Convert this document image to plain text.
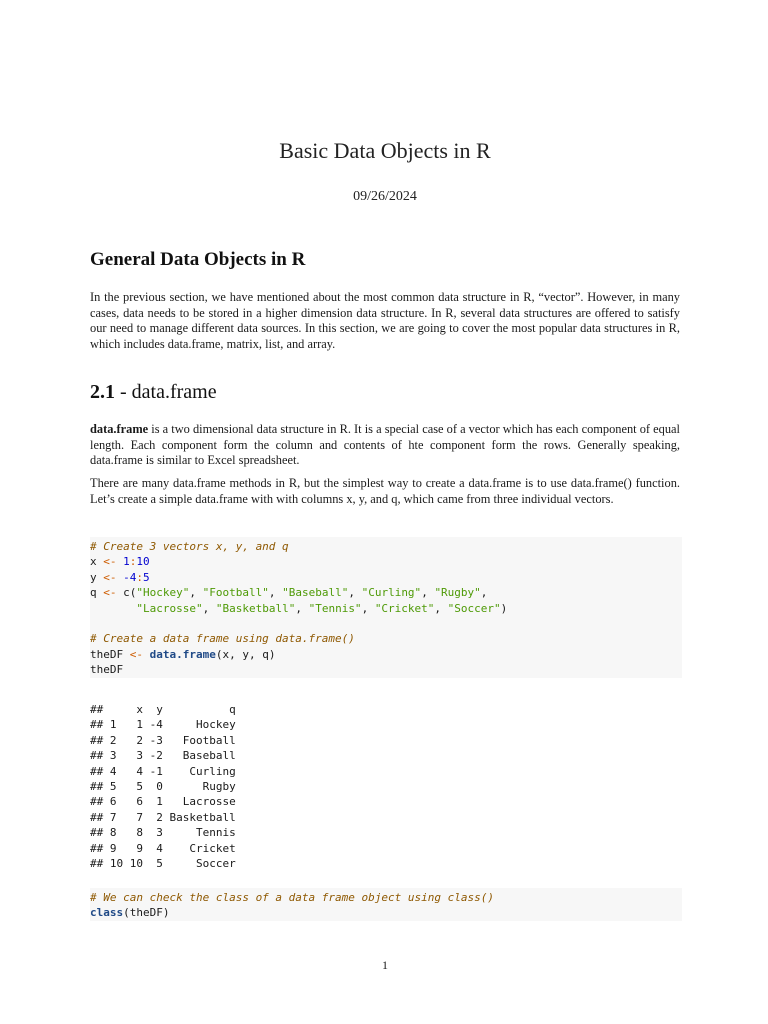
Basic Data Objects in R
09/26/2024
General Data Objects in R

In the previous section, we have mentioned about the most common data structure in R, “vector”. However, in many cases, data needs to be stored in a higher dimension data structure. In R, several data structures are offered to satisfy our need to manage different data sources. In this section, we are going to cover the most popular data structures in R, which includes data.frame, matrix, list, and array.

2.1 - data.frame

data.frame is a two dimensional data structure in R. It is a special case of a vector which has each component of equal length. Each component form the column and contents of hte component form the rows. Generally speaking, data.frame is similar to Excel spreadsheet.

There are many data.frame methods in R, but the simplest way to create a data.frame is to use data.frame() function. Let’s create a simple data.frame with with columns x, y, and q, which came from three individual vectors.

# Create 3 vectors x, y, and q
x <- 1:10
y <- -4:5
q <- c("Hockey", "Football", "Baseball", "Curling", "Rugby",
"Lacrosse", "Basketball", "Tennis", "Cricket", "Soccer")
# Create a data frame using data.frame()
theDF <- data.frame(x, y, q)
theDF
##     x  y          q
## 1   1 -4     Hockey
## 2   2 -3   Football
## 3   3 -2   Baseball
## 4   4 -1    Curling
## 5   5  0      Rugby
## 6   6  1   Lacrosse
## 7   7  2 Basketball
## 8   8  3     Tennis
## 9   9  4    Cricket
## 10 10  5     Soccer
# We can check the class of a data frame object using class()
class(theDF)
1
